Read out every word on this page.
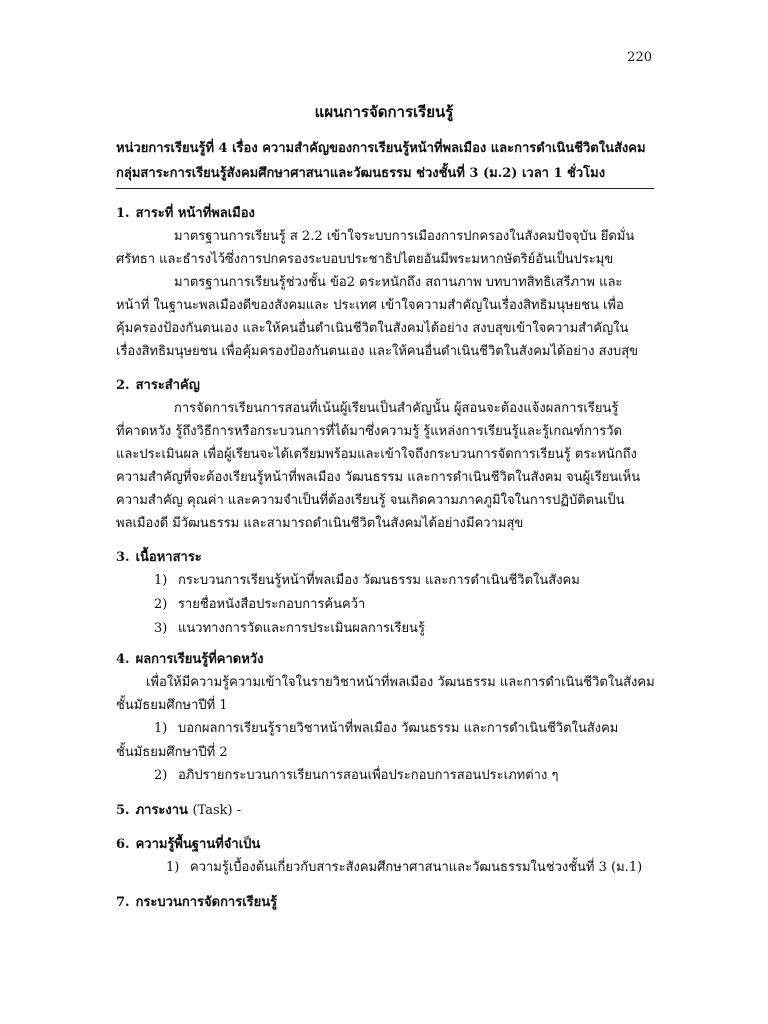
220
แผนการจัดการเรียนรู้
หน่วยการเรียนรู้ที่ 4 เรื่อง ความสำคัญของการเรียนรู้หน้าที่พลเมือง และการดำเนินชีวิตในสังคม
กลุ่มสาระการเรียนรู้สังคมศึกษาศาสนาและวัฒนธรรม ช่วงชั้นที่ 3 (ม.2) เวลา 1 ชั่วโมง
1. สาระที่ หน้าที่พลเมือง
มาตรฐานการเรียนรู้ ส 2.2 เข้าใจระบบการเมืองการปกครองในสังคมปัจจุบัน ยึดมั่น
ศรัทธา และธำรงไว้ซึ่งการปกครองระบอบประชาธิปไตยอันมีพระมหากษัตริย์อันเป็นประมุข
มาตรฐานการเรียนรู้ช่วงชั้น ข้อ2 ตระหนักถึง สถานภาพ บทบาทสิทธิเสรีภาพ และ
หน้าที่ ในฐานะพลเมืองดีของสังคมและ ประเทศ เข้าใจความสำคัญในเรื่องสิทธิมนุษยชน เพื่อ
คุ้มครองป้องกันตนเอง และให้คนอื่นดำเนินชีวิตในสังคมได้อย่าง สงบสุขเข้าใจความสำคัญใน
เรื่องสิทธิมนุษยชน เพื่อคุ้มครองป้องกันตนเอง และให้คนอื่นดำเนินชีวิตในสังคมได้อย่าง สงบสุข
2. สาระสำคัญ
การจัดการเรียนการสอนที่เน้นผู้เรียนเป็นสำคัญนั้น ผู้สอนจะต้องแจ้งผลการเรียนรู้
ที่คาดหวัง รู้ถึงวิธีการหรือกระบวนการที่ได้มาซึ่งความรู้ รู้แหล่งการเรียนรู้และรู้เกณฑ์การวัด
และประเมินผล เพื่อผู้เรียนจะได้เตรียมพร้อมและเข้าใจถึงกระบวนการจัดการเรียนรู้ ตระหนักถึง
ความสำคัญที่จะต้องเรียนรู้หน้าที่พลเมือง วัฒนธรรม และการดำเนินชีวิตในสังคม จนผู้เรียนเห็น
ความสำคัญ คุณค่า และความจำเป็นที่ต้องเรียนรู้ จนเกิดความภาคภูมิใจในการปฏิบัติตนเป็น
พลเมืองดี มีวัฒนธรรม และสามารถดำเนินชีวิตในสังคมได้อย่างมีความสุข
3. เนื้อหาสาระ
1) กระบวนการเรียนรู้หน้าที่พลเมือง วัฒนธรรม และการดำเนินชีวิตในสังคม
2) รายชื่อหนังสือประกอบการค้นคว้า
3) แนวทางการวัดและการประเมินผลการเรียนรู้
4. ผลการเรียนรู้ที่คาดหวัง
เพื่อให้มีความรู้ความเข้าใจในรายวิชาหน้าที่พลเมือง วัฒนธรรม และการดำเนินชีวิตในสังคม
ชั้นมัธยมศึกษาปีที่ 1
1) บอกผลการเรียนรู้รายวิชาหน้าที่พลเมือง วัฒนธรรม และการดำเนินชีวิตในสังคม
ชั้นมัธยมศึกษาปีที่ 2
2) อภิปรายกระบวนการเรียนการสอนเพื่อประกอบการสอนประเภทต่าง ๆ
5. ภาระงาน (Task) -
6. ความรู้พื้นฐานที่จำเป็น
1) ความรู้เบื้องต้นเกี่ยวกับสาระสังคมศึกษาศาสนาและวัฒนธรรมในช่วงชั้นที่ 3 (ม.1)
7. กระบวนการจัดการเรียนรู้
